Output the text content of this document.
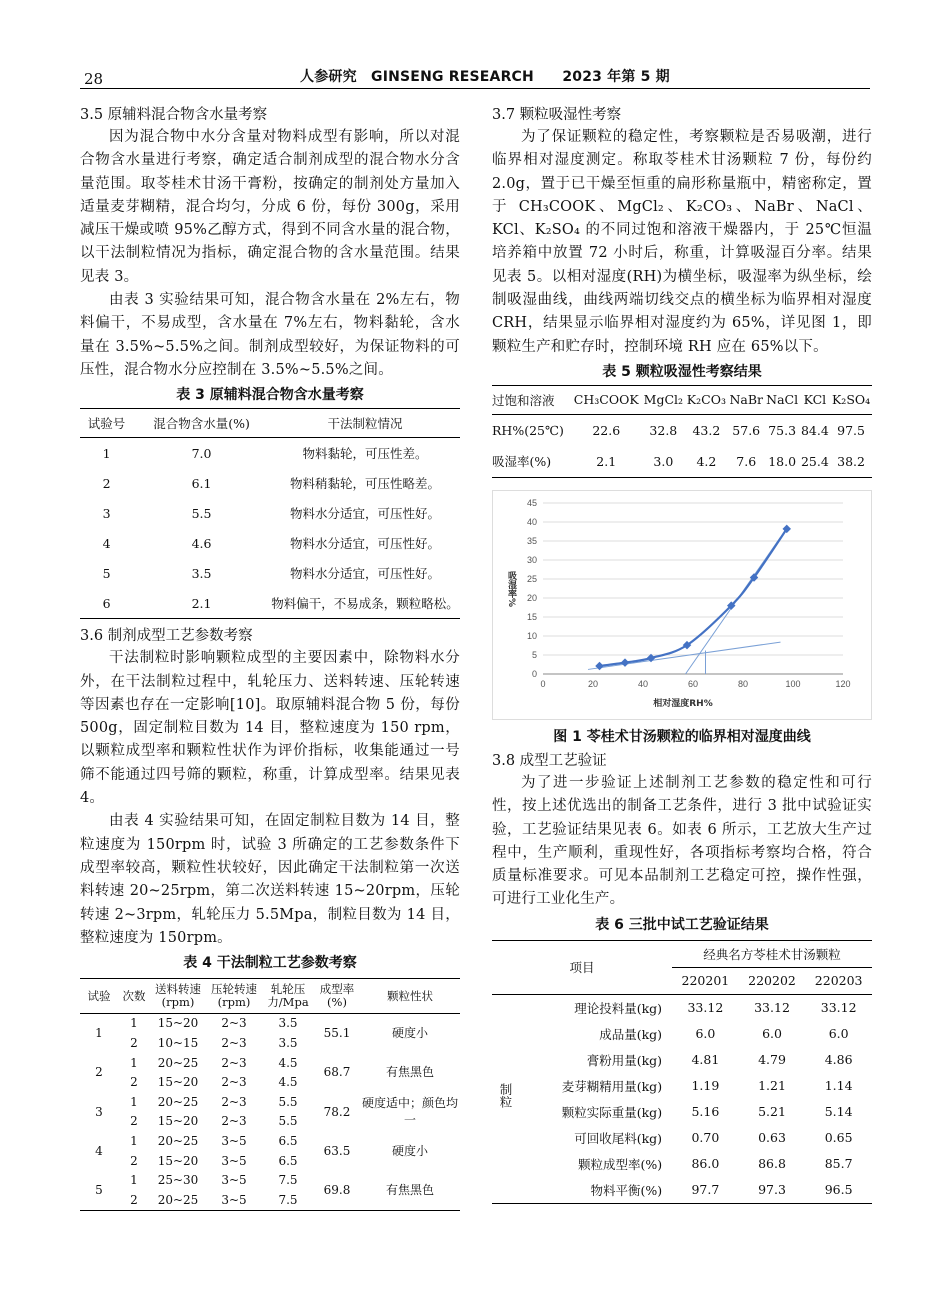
28	人参研究　GINSENG RESEARCH　　2023 年第 5 期
3.5 原辅料混合物含水量考察

因为混合物中水分含量对物料成型有影响，所以对混合物含水量进行考察，确定适合制剂成型的混合物水分含量范围。取苓桂术甘汤干膏粉，按确定的制剂处方量加入适量麦芽糊精，混合均匀，分成 6 份，每份 300g，采用减压干燥或喷 95%乙醇方式，得到不同含水量的混合物，以干法制粒情况为指标，确定混合物的含水量范围。结果见表 3。

由表 3 实验结果可知，混合物含水量在 2%左右，物料偏干，不易成型，含水量在 7%左右，物料黏轮，含水量在 3.5%~5.5%之间。制剂成型较好，为保证物料的可压性，混合物水分应控制在 3.5%~5.5%之间。

表 3 原辅料混合物含水量考察
试验号	混合物含水量(%)	干法制粒情况
1	7.0	物料黏轮，可压性差。
2	6.1	物料稍黏轮，可压性略差。
3	5.5	物料水分适宜，可压性好。
4	4.6	物料水分适宜，可压性好。
5	3.5	物料水分适宜，可压性好。
6	2.1	物料偏干，不易成条，颗粒略松。
3.6 制剂成型工艺参数考察

干法制粒时影响颗粒成型的主要因素中，除物料水分外，在干法制粒过程中，轧轮压力、送料转速、压轮转速等因素也存在一定影响[10]。取原辅料混合物 5 份，每份 500g，固定制粒目数为 14 目，整粒速度为 150 rpm，以颗粒成型率和颗粒性状作为评价指标，收集能通过一号筛不能通过四号筛的颗粒，称重，计算成型率。结果见表 4。

由表 4 实验结果可知，在固定制粒目数为 14 目，整粒速度为 150rpm 时，试验 3 所确定的工艺参数条件下成型率较高，颗粒性状较好，因此确定干法制粒第一次送料转速 20~25rpm，第二次送料转速 15~20rpm，压轮转速 2~3rpm，轧轮压力 5.5Mpa，制粒目数为 14 目，整粒速度为 150rpm。

表 4 干法制粒工艺参数考察
试验	次数	送料转速(rpm)	压轮转速(rpm)	轧轮压力/Mpa	成型率(%)	颗粒性状
1	1	15~20	2~3	3.5	55.1	硬度小
	2	10~15	2~3	3.5		
2	1	20~25	2~3	4.5	68.7	有焦黑色
	2	15~20	2~3	4.5		
3	1	20~25	2~3	5.5	78.2	硬度适中；颜色均一
	2	15~20	2~3	5.5		
4	1	20~25	3~5	6.5	63.5	硬度小
	2	15~20	3~5	6.5		
5	1	25~30	3~5	7.5	69.8	有焦黑色
	2	20~25	3~5	7.5		
3.7 颗粒吸湿性考察

为了保证颗粒的稳定性，考察颗粒是否易吸潮，进行临界相对湿度测定。称取苓桂术甘汤颗粒 7 份，每份约 2.0g，置于已干燥至恒重的扁形称量瓶中，精密称定，置于 CH₃COOK、MgCl₂、K₂CO₃、NaBr、NaCl、KCl、K₂SO₄ 的不同过饱和溶液干燥器内，于 25℃恒温培养箱中放置 72 小时后，称重，计算吸湿百分率。结果见表 5。以相对湿度(RH)为横坐标，吸湿率为纵坐标，绘制吸湿曲线，曲线两端切线交点的横坐标为临界相对湿度 CRH，结果显示临界相对湿度约为 65%，详见图 1，即颗粒生产和贮存时，控制环境 RH 应在 65%以下。

表 5 颗粒吸湿性考察结果
过饱和溶液	CH₃COOK	MgCl₂	K₂CO₃	NaBr	NaCl	KCl	K₂SO₄
RH%(25℃)	22.6	32.8	43.2	57.6	75.3	84.4	97.5
吸湿率(%)	2.1	3.0	4.2	7.6	18.0	25.4	38.2
0
5
10
15
20
25
30
35
40
45
0	20	40	60	80	100	120
吸湿率%
相对湿度RH%
图 1 苓桂术甘汤颗粒的临界相对湿度曲线
3.8 成型工艺验证

为了进一步验证上述制剂工艺参数的稳定性和可行性，按上述优选出的制备工艺条件，进行 3 批中试验证实验，工艺验证结果见表 6。如表 6 所示，工艺放大生产过程中，生产顺利，重现性好，各项指标考察均合格，符合质量标准要求。可见本品制剂工艺稳定可控，操作性强，可进行工业化生产。

表 6 三批中试工艺验证结果
项目		经典名方苓桂术甘汤颗粒		
		220201	220202	220203
制粒	理论投料量(kg)	33.12	33.12	33.12
	成品量(kg)	6.0	6.0	6.0
	膏粉用量(kg)	4.81	4.79	4.86
	麦芽糊精用量(kg)	1.19	1.21	1.14
	颗粒实际重量(kg)	5.16	5.21	5.14
	可回收尾料(kg)	0.70	0.63	0.65
	颗粒成型率(%)	86.0	86.8	85.7
	物料平衡(%)	97.7	97.3	96.5
